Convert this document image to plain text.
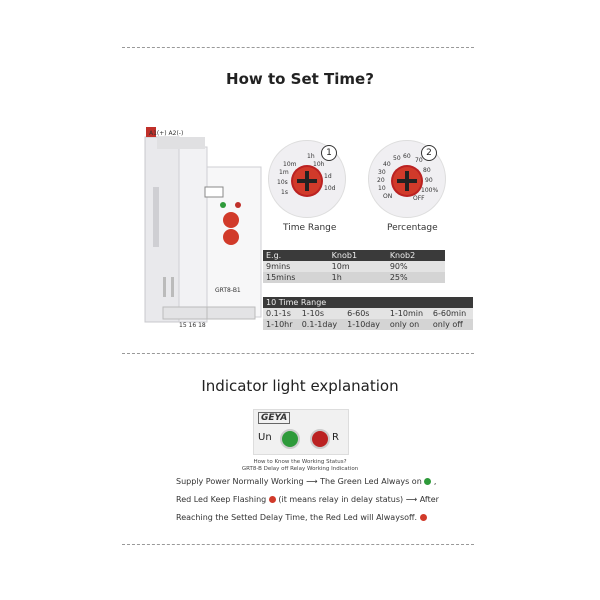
How to Set Time?
A1(+) A2(-)
GRT8-B1
15 16 18
1
10m
1h
10h
1d
10d
1s
10s
1m
Time Range
2
50 60
70
80
90
100%
40
30
20
10
ON	OFF
Percentage
E.g.	Knob1	Knob2
9mins	10m	90%
15mins	1h	25%
10 Time Range				
0.1-1s	1-10s	6-60s	1-10min	6-60min
1-10hr	0.1-1day	1-10day	only on	only off
Indicator light explanation
GEYA
Un	R
How to Know the Working Status?
GRT8-B Delay off Relay Working Indication
Supply Power Normally Working ⟶ The Green Led Always on  ,
Red Led Keep Flashing (it means relay in delay status) ⟶ After
Reaching the Setted Delay Time, the Red Led will Alwaysoff.
